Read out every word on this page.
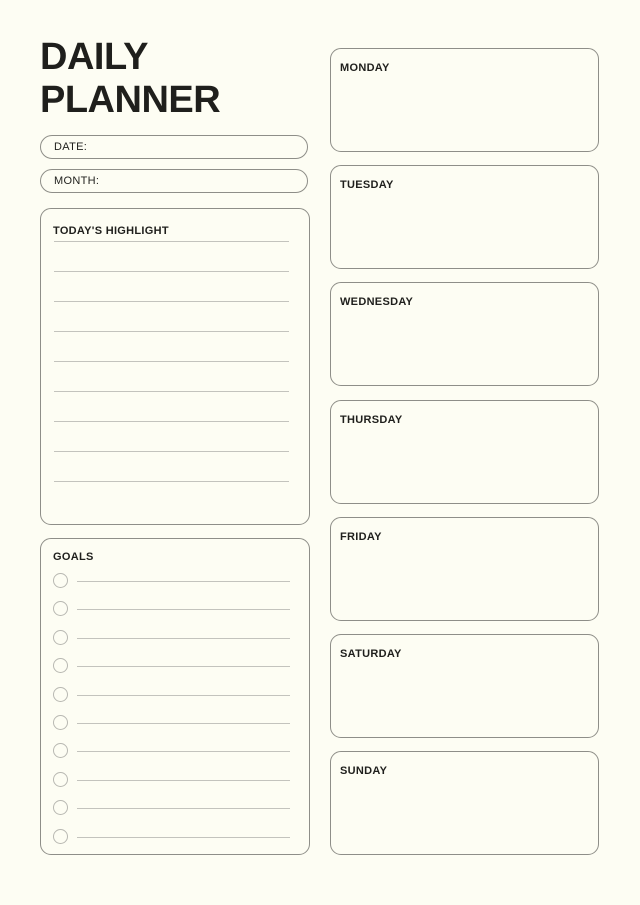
DAILY
PLANNER
DATE:
MONTH:
TODAY'S HIGHLIGHT
GOALS
MONDAY
TUESDAY
WEDNESDAY
THURSDAY
FRIDAY
SATURDAY
SUNDAY
